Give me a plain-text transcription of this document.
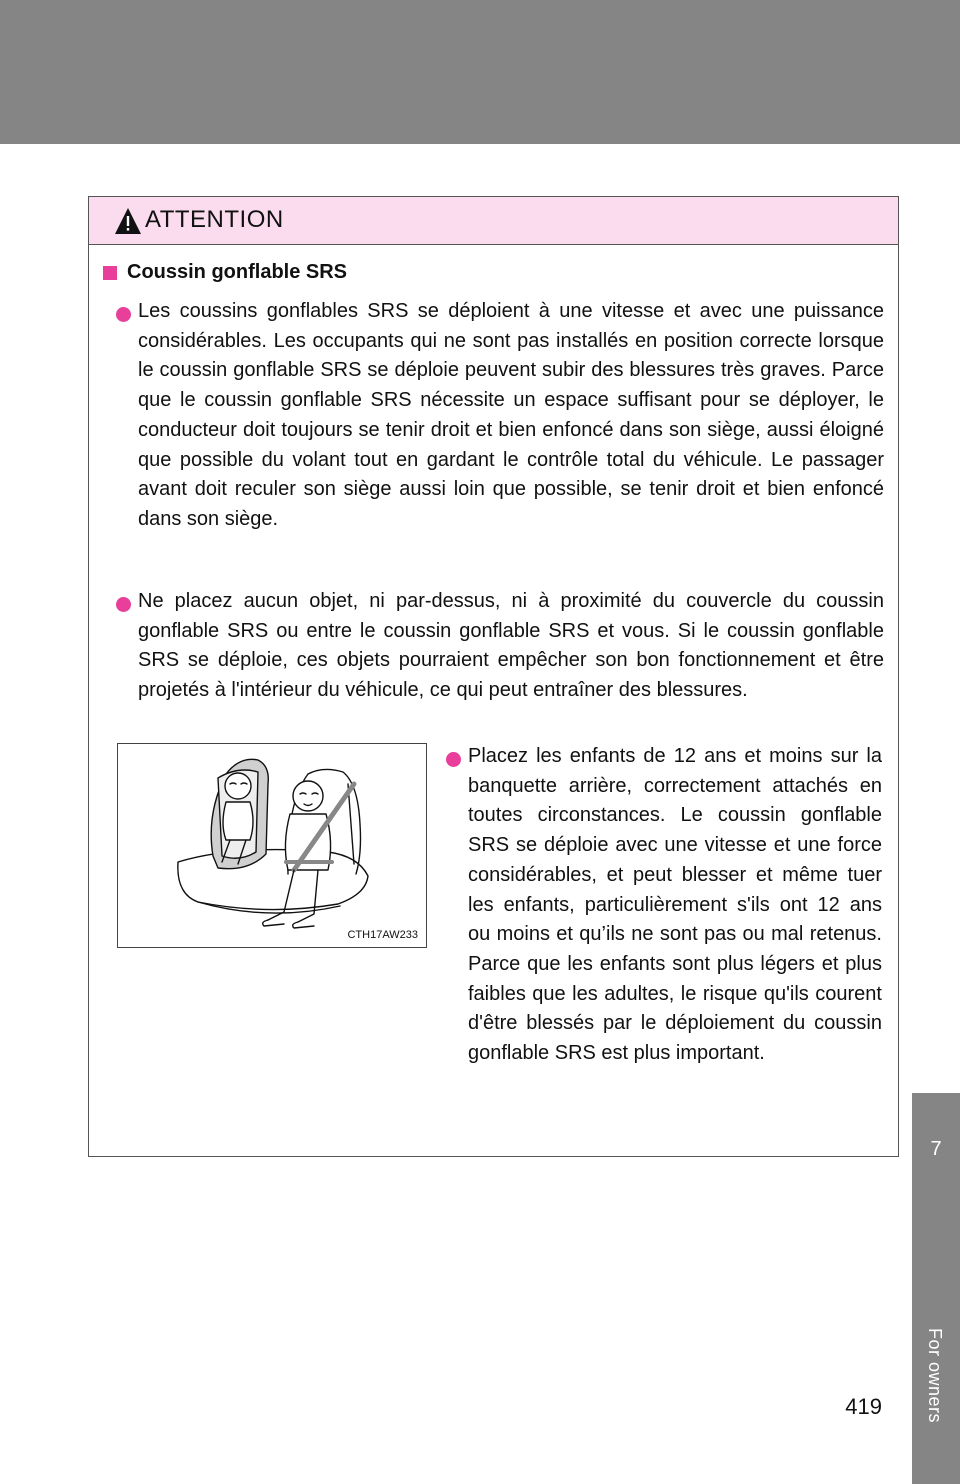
ATTENTION
Coussin gonflable SRS

Les coussins gonflables SRS se déploient à une vitesse et avec une puissance considérables. Les occupants qui ne sont pas installés en position correcte lorsque le coussin gonflable SRS se déploie peuvent subir des blessures très graves. Parce que le coussin gonflable SRS nécessite un espace suffisant pour se déployer, le conducteur doit toujours se tenir droit et bien enfoncé dans son siège, aussi éloigné que possible du volant tout en gardant le contrôle total du véhicule. Le passager avant doit reculer son siège aussi loin que possible, se tenir droit et bien enfoncé dans son siège.

Ne placez aucun objet, ni par-dessus, ni à proximité du couvercle du coussin gonflable SRS ou entre le coussin gonflable SRS et vous. Si le coussin gonflable SRS se déploie, ces objets pourraient empêcher son bon fonctionnement et être projetés à l'intérieur du véhicule, ce qui peut entraîner des blessures.

CTH17AW233

Placez les enfants de 12 ans et moins sur la banquette arrière, correctement attachés en toutes circonstances. Le coussin gonflable SRS se déploie avec une vitesse et une force considérables, et peut blesser et même tuer les enfants, particulièrement s'ils ont 12 ans ou moins et qu’ils ne sont pas ou mal retenus. Parce que les enfants sont plus légers et plus faibles que les adultes, le risque qu'ils courent d'être blessés par le déploiement du coussin gonflable SRS est plus important.

7
For owners
419
